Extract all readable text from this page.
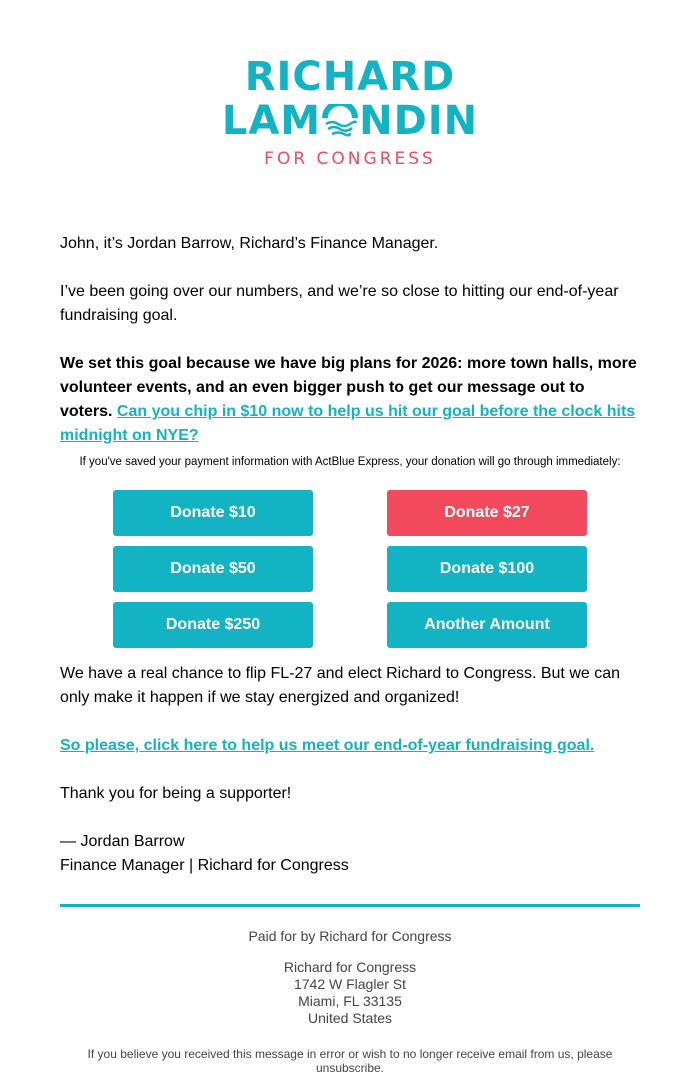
RICHARD
LAM NDIN
FOR CONGRESS

John, it’s Jordan Barrow, Richard’s Finance Manager.

I’ve been going over our numbers, and we’re so close to hitting our end-of-year fundraising goal.

We set this goal because we have big plans for 2026: more town halls, more volunteer events, and an even bigger push to get our message out to voters. Can you chip in $10 now to help us hit our goal before the clock hits midnight on NYE?

If you've saved your payment information with ActBlue Express, your donation will go through immediately:
Donate $10	Donate $27
Donate $50	Donate $100
Donate $250	Another Amount

We have a real chance to flip FL-27 and elect Richard to Congress. But we can only make it happen if we stay energized and organized!

So please, click here to help us meet our end-of-year fundraising goal.

Thank you for being a supporter!

— Jordan Barrow
Finance Manager | Richard for Congress

Paid for by Richard for Congress
Richard for Congress
1742 W Flagler St
Miami, FL 33135
United States
If you believe you received this message in error or wish to no longer receive email from us, please unsubscribe.
